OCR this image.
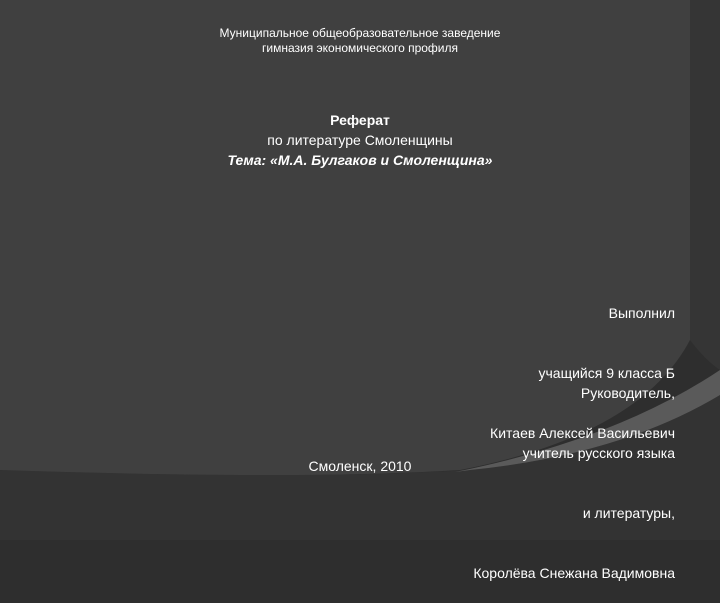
Муниципальное общеобразовательное заведение
гимназия экономического профиля
Реферат
по литературе Смоленщины
Тема: «М.А. Булгаков и Смоленщина»

Выполнил

учащийся 9 класса Б

Китаев Алексей Васильевич

Руководитель,

учитель русского языка

и литературы,

Королёва Снежана Вадимовна

Смоленск, 2010
